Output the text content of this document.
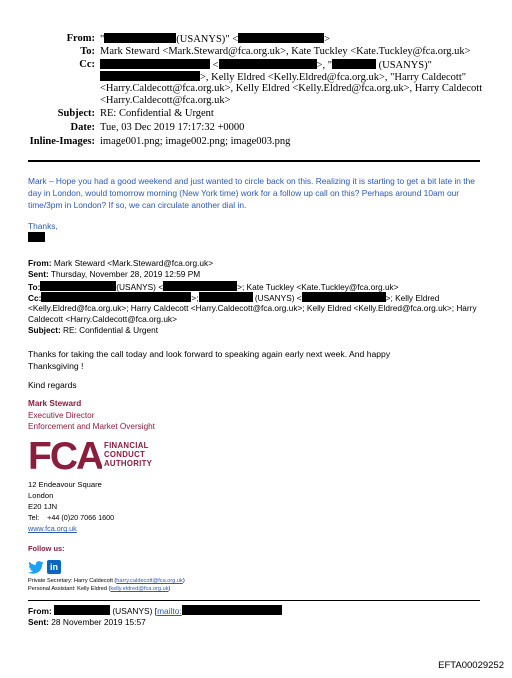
From: "	(USANYS)" <	>
To: Mark Steward <Mark.Steward@fca.org.uk>, Kate Tuckley <Kate.Tuckley@fca.org.uk>
Cc:	<	>, "	(USANYS)"
>, Kelly Eldred <Kelly.Eldred@fca.org.uk>, "Harry Caldecott"
<Harry.Caldecott@fca.org.uk>, Kelly Eldred <Kelly.Eldred@fca.org.uk>, Harry Caldecott
<Harry.Caldecott@fca.org.uk>
Subject: RE: Confidential & Urgent
Date: Tue, 03 Dec 2019 17:17:32 +0000
Inline-Images: image001.png; image002.png; image003.png
Mark – Hope you had a good weekend and just wanted to circle back on this. Realizing it is starting to get a bit late in the
day in London, would tomorrow morning (New York time) work for a follow up call on this? Perhaps around 10am our
time/3pm in London? If so, we can circulate another dial in.
Thanks,
From: Mark Steward <Mark.Steward@fca.org.uk>
Sent: Thursday, November 28, 2019 12:59 PM
To:	(USANYS) <	>; Kate Tuckley <Kate.Tuckley@fca.org.uk>
Cc:	>;	(USANYS) <	>; Kelly Eldred
<Kelly.Eldred@fca.org.uk>; Harry Caldecott <Harry.Caldecott@fca.org.uk>; Kelly Eldred <Kelly.Eldred@fca.org.uk>; Harry
Caldecott <Harry.Caldecott@fca.org.uk>
Subject: RE: Confidential & Urgent
Thanks for taking the call today and look forward to speaking again early next week. And happy
Thanksgiving !
Kind regards
Mark Steward
Executive Director
Enforcement and Market Oversight
FCA FINANCIAL
CONDUCT
AUTHORITY
12 Endeavour Square
London
E20 1JN
Tel:    +44 (0)20 7066 1600
www.fca.org.uk
Follow us:
in
Private Secretary: Harry Caldecott (harry.caldecott@fca.org.uk)
Personal Assistant: Kelly Eldred (kelly.eldred@fca.org.uk)
From:	(USANYS) [mailto:
Sent: 28 November 2019 15:57
EFTA00029252
